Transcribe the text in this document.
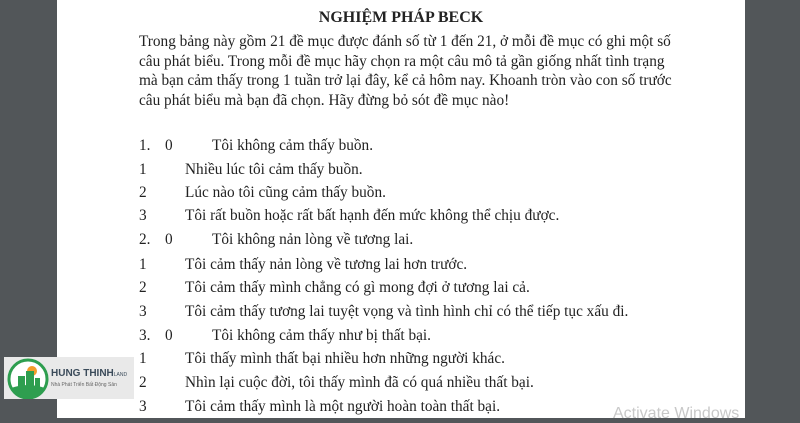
NGHIỆM PHÁP BECK
Trong bảng này gồm 21 đề mục được đánh số từ 1 đến 21, ở mỗi đề mục có ghi một số câu phát biểu. Trong mỗi đề mục hãy chọn ra một câu mô tả gần giống nhất tình trạng mà bạn cảm thấy trong 1 tuần trở lại đây, kể cả hôm nay. Khoanh tròn vào con số trước câu phát biểu mà bạn đã chọn. Hãy đừng bỏ sót đề mục nào!
1. 0	Tôi không cảm thấy buồn.
1	Nhiều lúc tôi cảm thấy buồn.
2	Lúc nào tôi cũng cảm thấy buồn.
3	Tôi rất buồn hoặc rất bất hạnh đến mức không thể chịu được.
2. 0	Tôi không nản lòng về tương lai.
1	Tôi cảm thấy nản lòng về tương lai hơn trước.
2	Tôi cảm thấy mình chẳng có gì mong đợi ở tương lai cả.
3	Tôi cảm thấy tương lai tuyệt vọng và tình hình chỉ có thể tiếp tục xấu đi.
3. 0	Tôi không cảm thấy như bị thất bại.
1	Tôi thấy mình thất bại nhiều hơn những người khác.
2	Nhìn lại cuộc đời, tôi thấy mình đã có quá nhiều thất bại.
3	Tôi cảm thấy mình là một người hoàn toàn thất bại.
HUNG THINHLAND
Nhà Phát Triển Bất Động Sản
Activate Windows
